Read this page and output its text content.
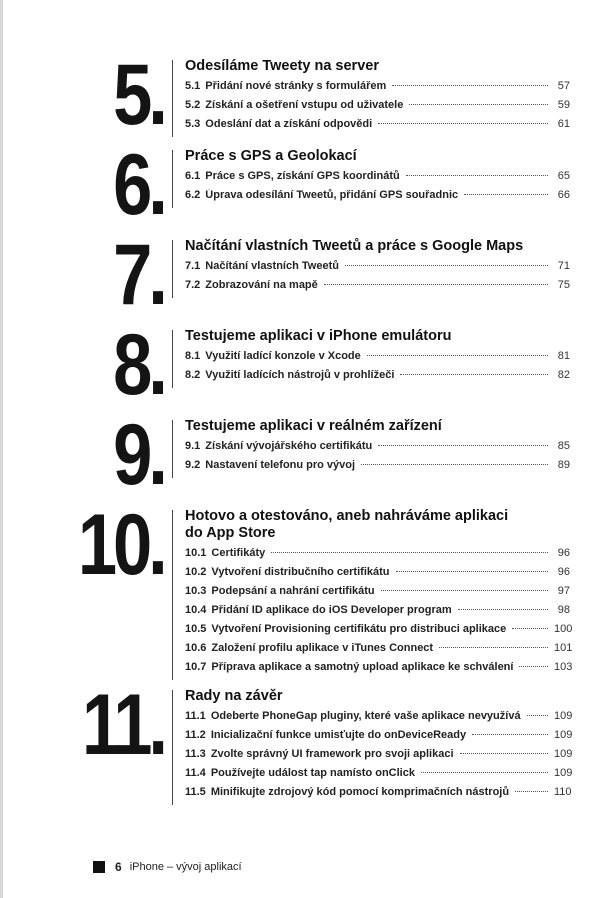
5. Odesíláme Tweety na server
5.1 Přidání nové stránky s formulářem	57
5.2 Získání a ošetření vstupu od uživatele	59
5.3 Odeslání dat a získání odpovědi	61
6. Práce s GPS a Geolokací
6.1 Práce s GPS, získání GPS koordinátů	65
6.2 Úprava odesílání Tweetů, přidání GPS souřadnic	66
7. Načítání vlastních Tweetů a práce s Google Maps
7.1 Načítání vlastních Tweetů	71
7.2 Zobrazování na mapě	75
8. Testujeme aplikaci v iPhone emulátoru
8.1 Využití ladící konzole v Xcode	81
8.2 Využití ladících nástrojů v prohlížeči	82
9. Testujeme aplikaci v reálném zařízení
9.1 Získání vývojářského certifikátu	85
9.2 Nastavení telefonu pro vývoj	89
10. Hotovo a otestováno, aneb nahráváme aplikaci do App Store
10.1 Certifikáty	96
10.2 Vytvoření distribučního certifikátu	96
10.3 Podepsání a nahrání certifikátu	97
10.4 Přidání ID aplikace do iOS Developer program	98
10.5 Vytvoření Provisioning certifikátu pro distribuci aplikace	100
10.6 Založení profilu aplikace v iTunes Connect	101
10.7 Příprava aplikace a samotný upload aplikace ke schválení	103
11. Rady na závěr
11.1 Odeberte PhoneGap pluginy, které vaše aplikace nevyužívá	109
11.2 Inicializační funkce umisťujte do onDeviceReady	109
11.3 Zvolte správný UI framework pro svoji aplikaci	109
11.4 Používejte událost tap namísto onClick	109
11.5 Minifikujte zdrojový kód pomocí komprimačních nástrojů	110
6 iPhone – vývoj aplikací
